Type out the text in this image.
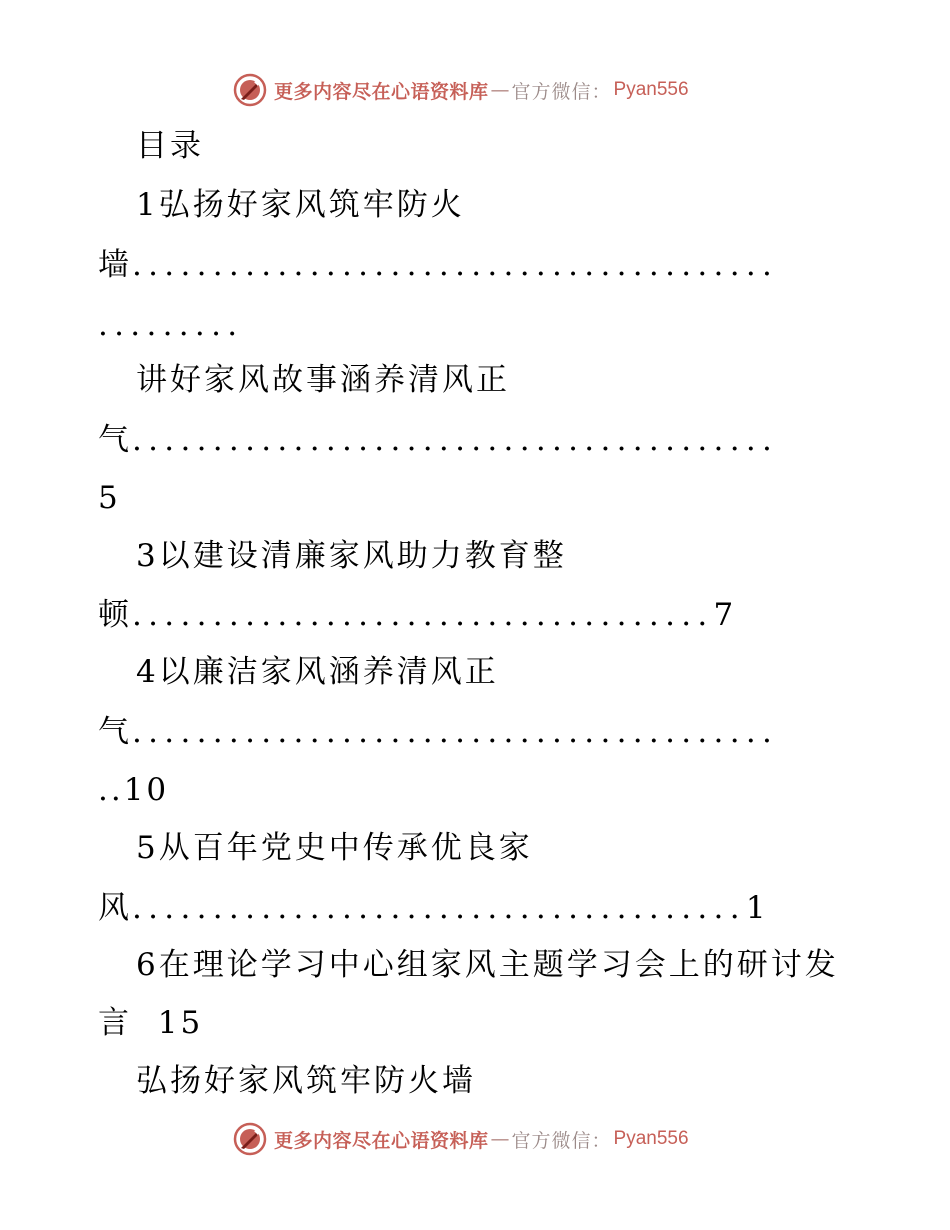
更多内容尽在心语资料库 — 官方微信： Pyan556
目录
1弘扬好家风筑牢防火
墙........................................
.........
讲好家风故事涵养清风正
气........................................
5
3以建设清廉家风助力教育整
顿....................................7
4以廉洁家风涵养清风正
气........................................
..10
5从百年党史中传承优良家
风......................................1
6在理论学习中心组家风主题学习会上的研讨发
言 15
弘扬好家风筑牢防火墙
更多内容尽在心语资料库 — 官方微信： Pyan556
